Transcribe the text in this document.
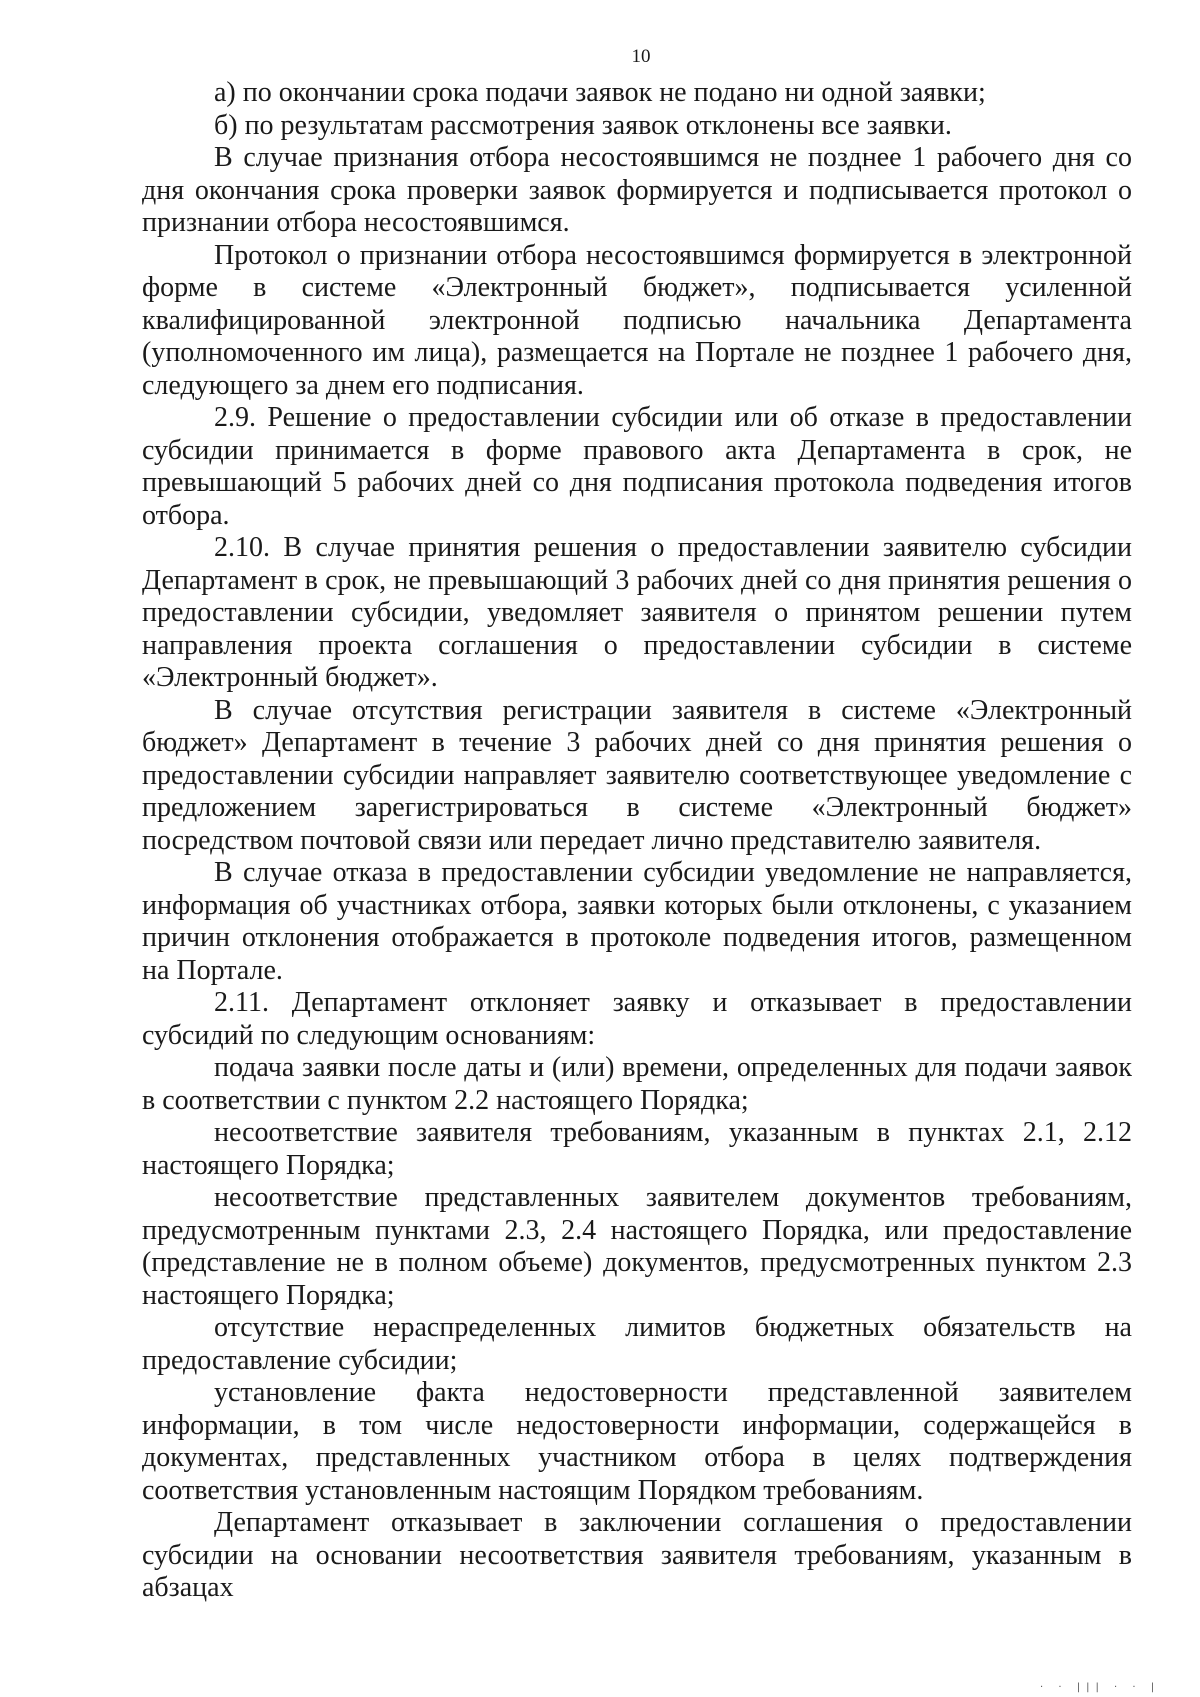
10

а) по окончании срока подачи заявок не подано ни одной заявки;

б) по результатам рассмотрения заявок отклонены все заявки.

В случае признания отбора несостоявшимся не позднее 1 рабочего дня со дня окончания срока проверки заявок формируется и подписывается протокол о признании отбора несостоявшимся.

Протокол о признании отбора несостоявшимся формируется в электронной форме в системе «Электронный бюджет», подписывается усиленной квалифицированной электронной подписью начальника Департамента (уполномоченного им лица), размещается на Портале не позднее 1 рабочего дня, следующего за днем его подписания.

2.9. Решение о предоставлении субсидии или об отказе в предоставлении субсидии принимается в форме правового акта Департамента в срок, не превышающий 5 рабочих дней со дня подписания протокола подведения итогов отбора.

2.10. В случае принятия решения о предоставлении заявителю субсидии Департамент в срок, не превышающий 3 рабочих дней со дня принятия решения о предоставлении субсидии, уведомляет заявителя о принятом решении путем направления проекта соглашения о предоставлении субсидии в системе «Электронный бюджет».

В случае отсутствия регистрации заявителя в системе «Электронный бюджет» Департамент в течение 3 рабочих дней со дня принятия решения о предоставлении субсидии направляет заявителю соответствующее уведомление с предложением зарегистрироваться в системе «Электронный бюджет» посредством почтовой связи или передает лично представителю заявителя.

В случае отказа в предоставлении субсидии уведомление не направляется, информация об участниках отбора, заявки которых были отклонены, с указанием причин отклонения отображается в протоколе подведения итогов, размещенном на Портале.

2.11. Департамент отклоняет заявку и отказывает в предоставлении субсидий по следующим основаниям:

подача заявки после даты и (или) времени, определенных для подачи заявок в соответствии с пунктом 2.2 настоящего Порядка;

несоответствие заявителя требованиям, указанным в пунктах 2.1, 2.12 настоящего Порядка;

несоответствие представленных заявителем документов требованиям, предусмотренным пунктами 2.3, 2.4 настоящего Порядка, или предоставление (представление не в полном объеме) документов, предусмотренных пунктом 2.3 настоящего Порядка;

отсутствие нераспределенных лимитов бюджетных обязательств на предоставление субсидии;

установление факта недостоверности представленной заявителем информации, в том числе недостоверности информации, содержащейся в документах, представленных участником отбора в целях подтверждения соответствия установленным настоящим Порядком требованиям.

Департамент отказывает в заключении соглашения о предоставлении субсидии на основании несоответствия заявителя требованиям, указанным в абзацах

· · ||| · · |
